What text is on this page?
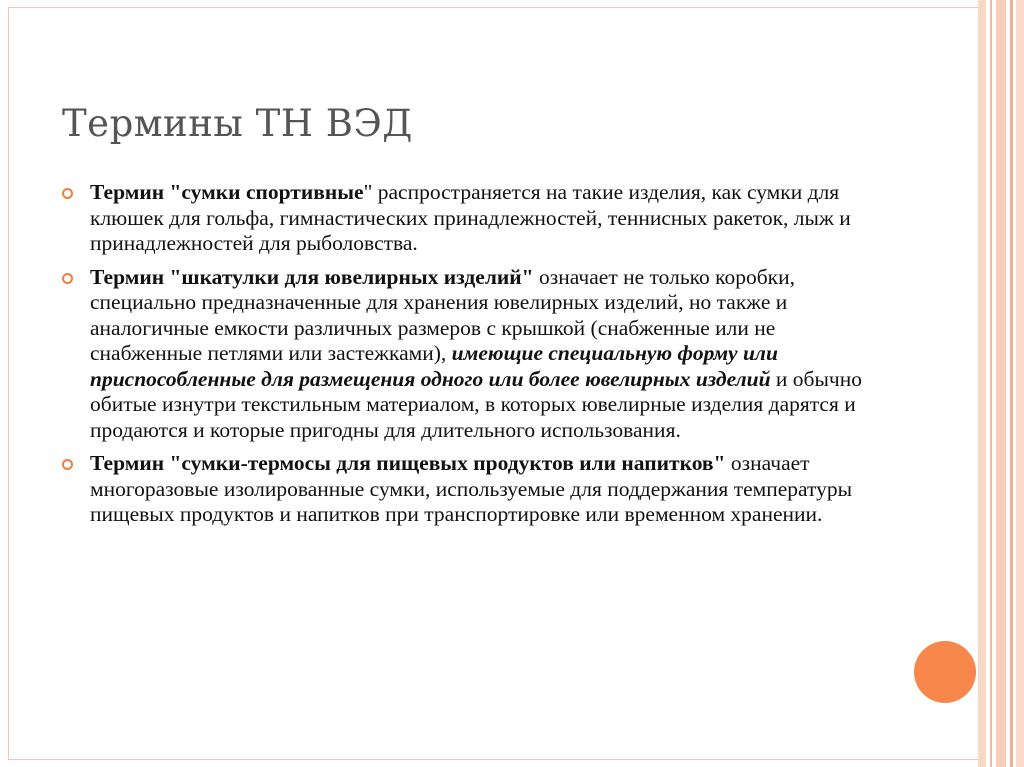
Термины ТН ВЭД
Термин "сумки спортивные" распространяется на такие изделия, как сумки для клюшек для гольфа, гимнастических принадлежностей, теннисных ракеток, лыж и принадлежностей для рыболовства.
Термин "шкатулки для ювелирных изделий" означает не только коробки, специально предназначенные для хранения ювелирных изделий, но также и аналогичные емкости различных размеров с крышкой (снабженные или не снабженные петлями или застежками), имеющие специальную форму или приспособленные для размещения одного или более ювелирных изделий и обычно обитые изнутри текстильным материалом, в которых ювелирные изделия дарятся и продаются и которые пригодны для длительного использования.
Термин "сумки-термосы для пищевых продуктов или напитков" означает многоразовые изолированные сумки, используемые для поддержания температуры пищевых продуктов и напитков при транспортировке или временном хранении.
